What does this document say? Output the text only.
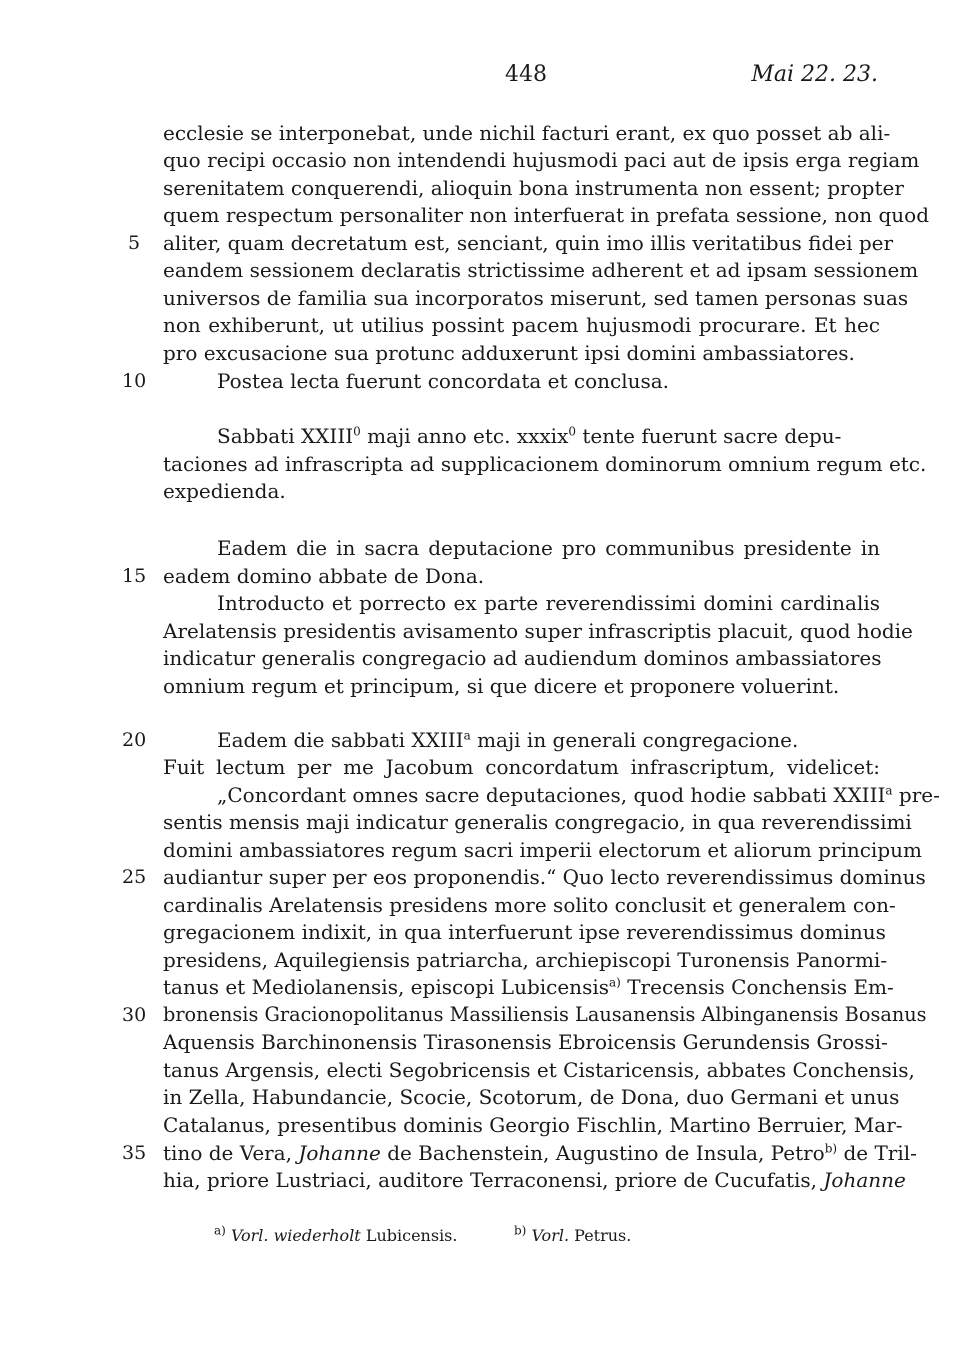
448	Mai 22. 23.
5
10
15
20
25
30
35
ecclesie se interponebat, unde nichil facturi erant, ex quo posset ab ali-
quo recipi occasio non intendendi hujusmodi paci aut de ipsis erga regiam
serenitatem conquerendi, alioquin bona instrumenta non essent; propter
quem respectum personaliter non interfuerat in prefata sessione, non quod
aliter, quam decretatum est, senciant, quin imo illis veritatibus fidei per
eandem sessionem declaratis strictissime adherent et ad ipsam sessionem
universos de familia sua incorporatos miserunt, sed tamen personas suas
non exhiberunt, ut utilius possint pacem hujusmodi procurare. Et hec
pro excusacione sua protunc adduxerunt ipsi domini ambassiatores.
Postea lecta fuerunt concordata et conclusa.
Sabbati XXIII$^0$ maji anno etc. xxxix$^0$ tente fuerunt sacre depu-
taciones ad infrascripta ad supplicacionem dominorum omnium regum etc.
expedienda.
Eadem die in sacra deputacione pro communibus presidente in
eadem domino abbate de Dona.
Introducto et porrecto ex parte reverendissimi domini cardinalis
Arelatensis presidentis avisamento super infrascriptis placuit, quod hodie
indicatur generalis congregacio ad audiendum dominos ambassiatores
omnium regum et principum, si que dicere et proponere voluerint.
Eadem die sabbati XXIII$^a$ maji in generali congregacione.
Fuit lectum per me Jacobum concordatum infrascriptum, videlicet:
„Concordant omnes sacre deputaciones, quod hodie sabbati XXIII$^a$ pre-
sentis mensis maji indicatur generalis congregacio, in qua reverendissimi
domini ambassiatores regum sacri imperii electorum et aliorum principum
audiantur super per eos proponendis.“ Quo lecto reverendissimus dominus
cardinalis Arelatensis presidens more solito conclusit et generalem con-
gregacionem indixit, in qua interfuerunt ipse reverendissimus dominus
presidens, Aquilegiensis patriarcha, archiepiscopi Turonensis Panormi-
tanus et Mediolanensis, episcopi Lubicensis$^{a)}$ Trecensis Conchensis Em-
bronensis Gracionopolitanus Massiliensis Lausanensis Albinganensis Bosanus
Aquensis Barchinonensis Tirasonensis Ebroicensis Gerundensis Grossi-
tanus Argensis, electi Segobricensis et Cistaricensis, abbates Conchensis,
in Zella, Habundancie, Scocie, Scotorum, de Dona, duo Germani et unus
Catalanus, presentibus dominis Georgio Fischlin, Martino Berruier, Mar-
tino de Vera, Johanne de Bachenstein, Augustino de Insula, Petro$^{b)}$ de Tril-
hia, priore Lustriaci, auditore Terraconensi, priore de Cucufatis, Johanne
$^{a)}$ Vorl. wiederholt Lubicensis.	$^{b)}$ Vorl. Petrus.
